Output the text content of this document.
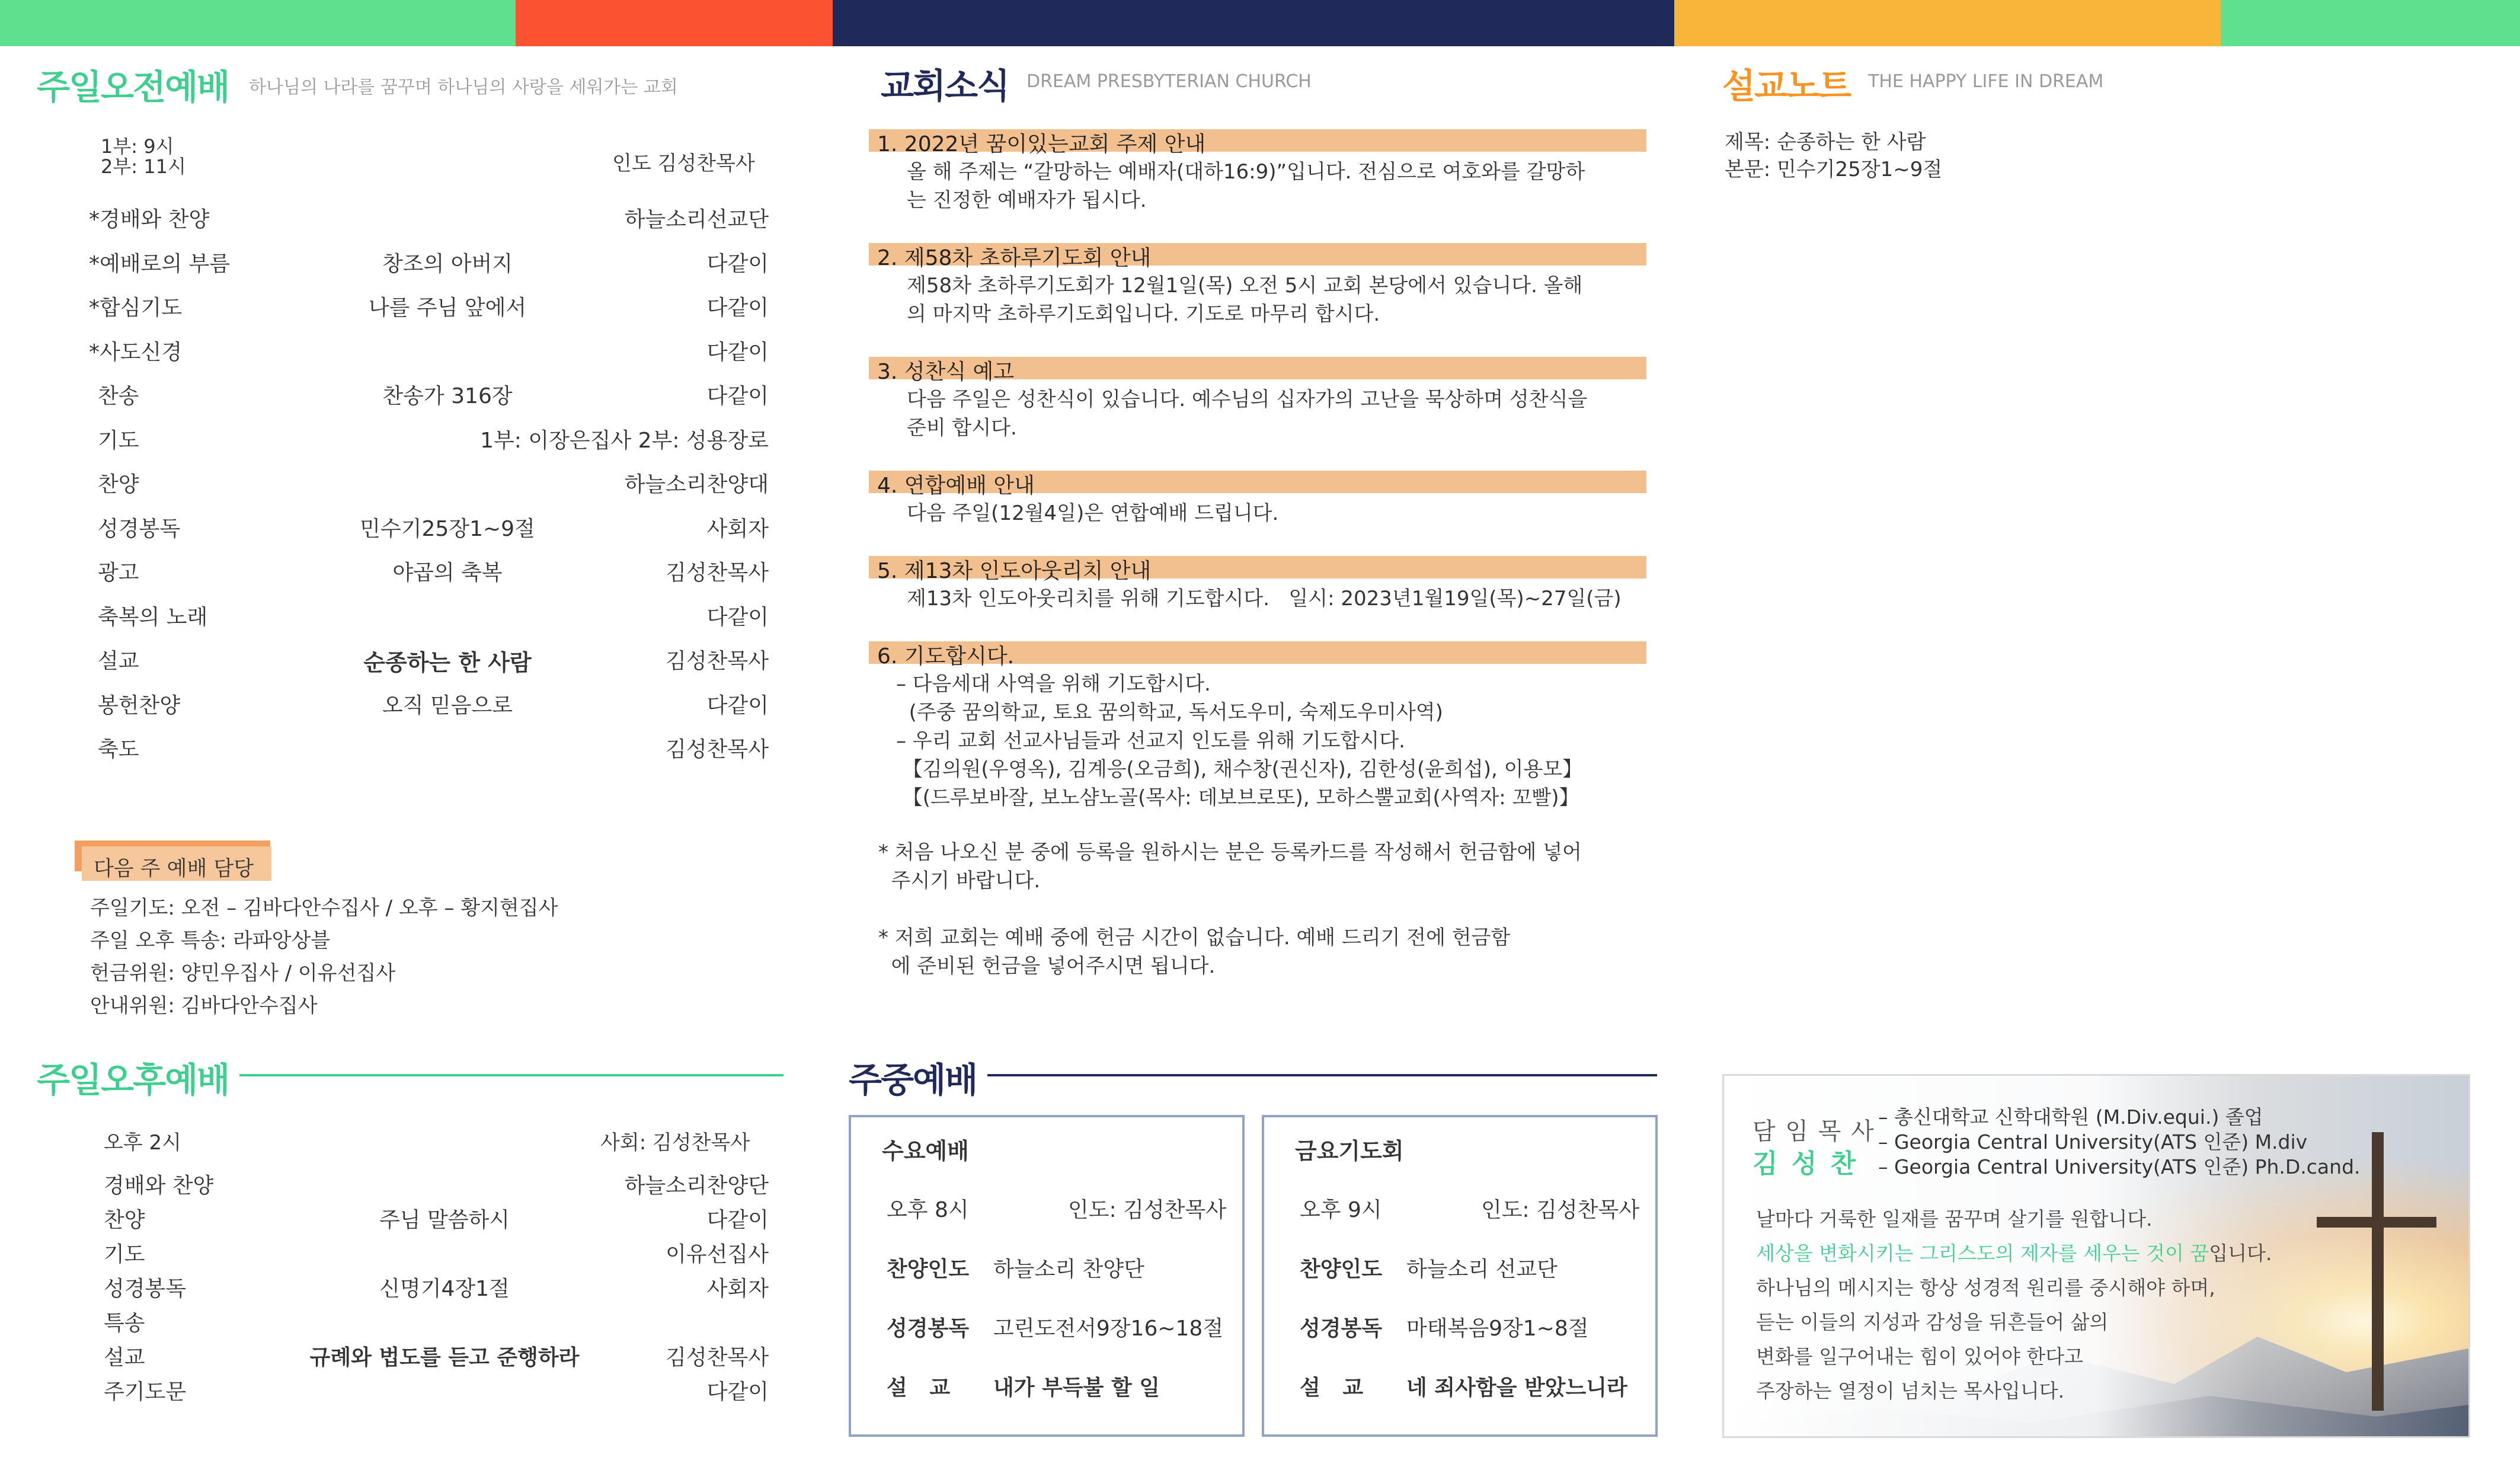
주일오전예배 하나님의 나라를 꿈꾸며 하나님의 사랑을 세워가는 교회
1부: 9시
2부: 11시	인도 김성찬목사
*경배와 찬양	하늘소리선교단
*예배로의 부름	창조의 아버지	다같이
*합심기도	나를 주님 앞에서	다같이
*사도신경	다같이
찬송	찬송가 316장	다같이
기도	1부: 이장은집사 2부: 성용장로
찬양	하늘소리찬양대
성경봉독	민수기25장1~9절	사회자
광고	야곱의 축복	김성찬목사
축복의 노래	다같이
설교	순종하는 한 사람	김성찬목사
봉헌찬양	오직 믿음으로	다같이
축도	김성찬목사
다음 주 예배 담당
주일기도: 오전 – 김바다안수집사 / 오후 – 황지현집사
주일 오후 특송: 라파앙상블
헌금위원: 양민우집사 / 이유선집사
안내위원: 김바다안수집사
주일오후예배
오후 2시	사회: 김성찬목사
경배와 찬양	하늘소리찬양단
찬양	주님 말씀하시	다같이
기도	이유선집사
성경봉독	신명기4장1절	사회자
특송
설교	규례와 법도를 듣고 준행하라	김성찬목사
주기도문	다같이
교회소식 DREAM PRESBYTERIAN CHURCH
1. 2022년 꿈이있는교회 주제 안내
올 해 주제는 “갈망하는 예배자(대하16:9)”입니다. 전심으로 여호와를 갈망하
는 진정한 예배자가 됩시다.
2. 제58차 초하루기도회 안내
제58차 초하루기도회가 12월1일(목) 오전 5시 교회 본당에서 있습니다. 올해
의 마지막 초하루기도회입니다. 기도로 마무리 합시다.
3. 성찬식 예고
다음 주일은 성찬식이 있습니다. 예수님의 십자가의 고난을 묵상하며 성찬식을
준비 합시다.
4. 연합예배 안내
다음 주일(12월4일)은 연합예배 드립니다.
5. 제13차 인도아웃리치 안내
제13차 인도아웃리치를 위해 기도합시다.   일시: 2023년1월19일(목)~27일(금)
6. 기도합시다.
– 다음세대 사역을 위해 기도합시다.
(주중 꿈의학교, 토요 꿈의학교, 독서도우미, 숙제도우미사역)
– 우리 교회 선교사님들과 선교지 인도를 위해 기도합시다.
【김의원(우영옥), 김계응(오금희), 채수창(권신자), 김한성(윤희섭), 이용모】
【(드루보바잘, 보노샴노골(목사: 데보브로또), 모하스뿔교회(사역자: 꼬빨)】
* 처음 나오신 분 중에 등록을 원하시는 분은 등록카드를 작성해서 헌금함에 넣어
주시기 바랍니다.
* 저희 교회는 예배 중에 헌금 시간이 없습니다. 예배 드리기 전에 헌금함
에 준비된 헌금을 넣어주시면 됩니다.
주중예배
수요예배
오후 8시	인도: 김성찬목사
찬양인도 하늘소리 찬양단
성경봉독 고린도전서9장16~18절
설   교 내가 부득불 할 일
금요기도회
오후 9시	인도: 김성찬목사
찬양인도 하늘소리 선교단
성경봉독 마태복음9장1~8절
설   교 네 죄사함을 받았느니라
설교노트 THE HAPPY LIFE IN DREAM
제목: 순종하는 한 사람
본문: 민수기25장1~9절
담 임 목 사
김 성 찬
– 총신대학교 신학대학원 (M.Div.equi.) 졸업
– Georgia Central University(ATS 인준) M.div
– Georgia Central University(ATS 인준) Ph.D.cand.
날마다 거룩한 일재를 꿈꾸며 살기를 원합니다.
세상을 변화시키는 그리스도의 제자를 세우는 것이 꿈입니다.
하나님의 메시지는 항상 성경적 원리를 중시해야 하며,
듣는 이들의 지성과 감성을 뒤흔들어 삶의
변화를 일구어내는 힘이 있어야 한다고
주장하는 열정이 넘치는 목사입니다.
